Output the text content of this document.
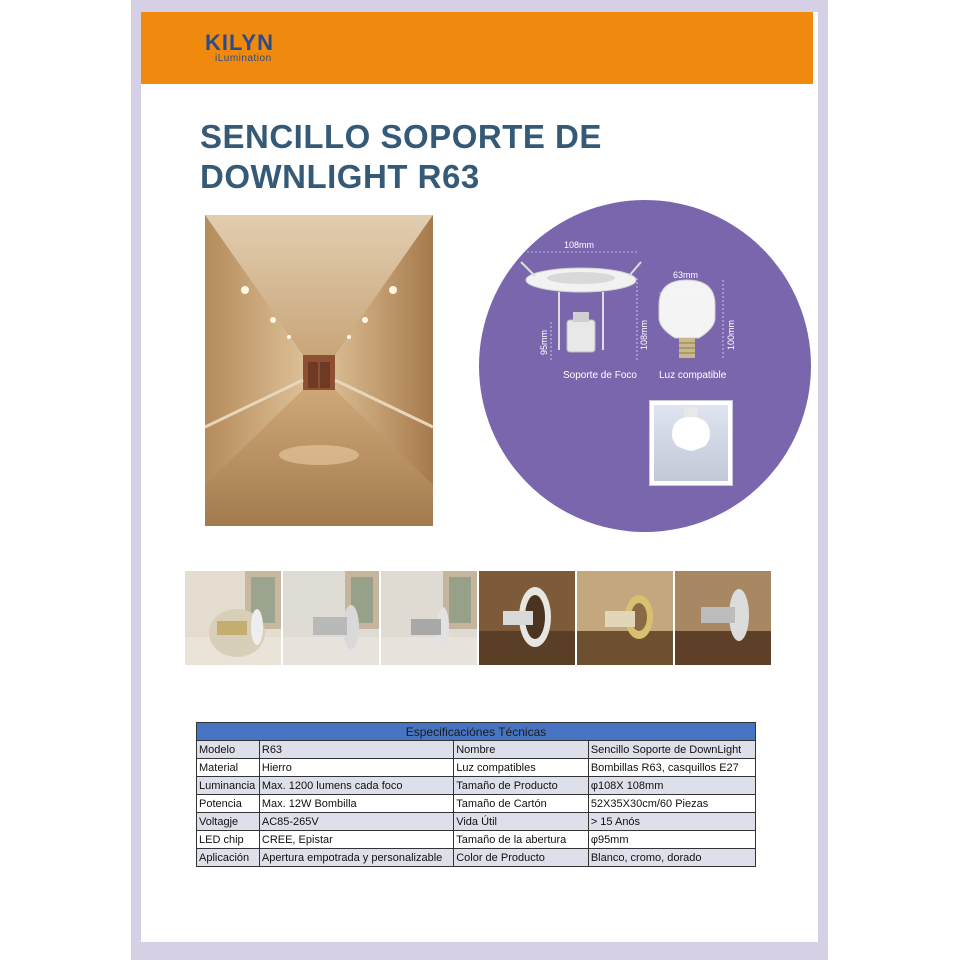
KILYN
iLumination
SENCILLO SOPORTE DE
DOWNLIGHT R63
108mm
95mm	108mm
63mm
100mm
Soporte de Foco Luz compatible
Especificaciónes Técnicas			
Modelo	R63	Nombre	Sencillo Soporte de DownLight
Material	Hierro	Luz compatibles	Bombillas R63, casquillos E27
Luminancia	Max. 1200 lumens cada foco	Tamaño de Producto	φ108X 108mm
Potencia	Max. 12W Bombilla	Tamaño de Cartón	52X35X30cm/60 Piezas
Voltagje	AC85-265V	Vida Útil	> 15 Anós
LED chip	CREE, Epistar	Tamaño de la abertura	φ95mm
Aplicación	Apertura empotrada y personalizable	Color de Producto	Blanco, cromo, dorado
